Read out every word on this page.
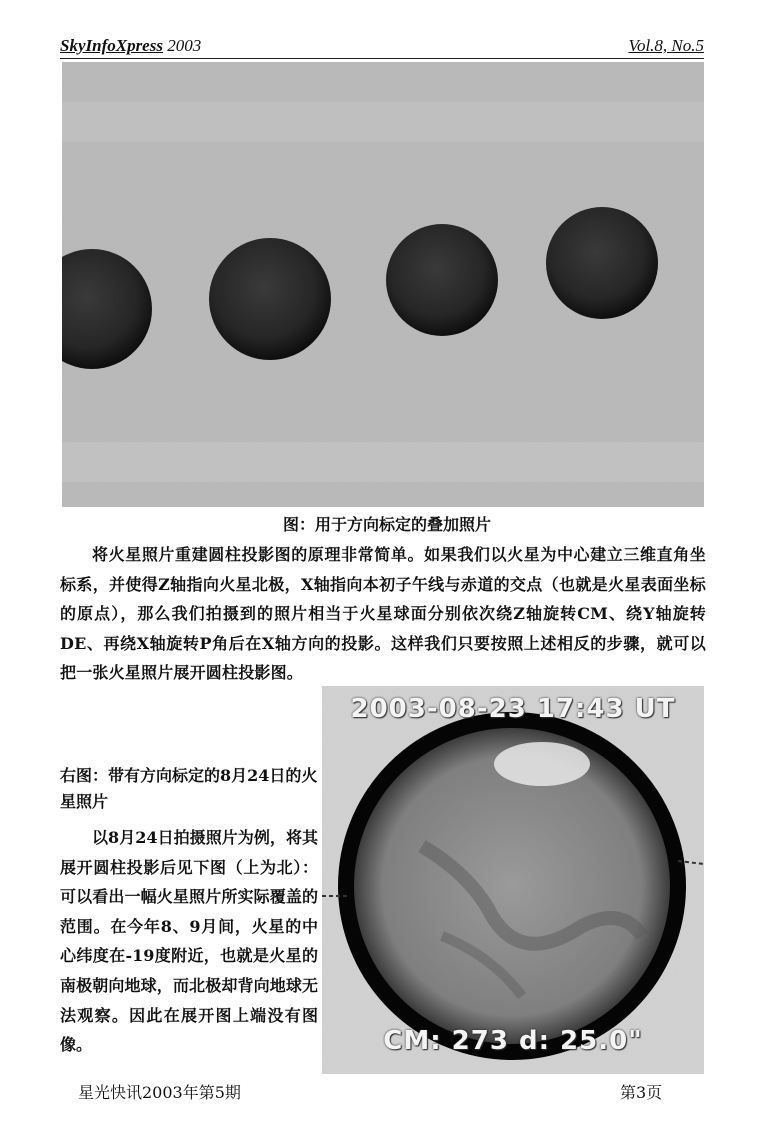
SkyInfoXpress 2003	Vol.8, No.5
图：用于方向标定的叠加照片

将火星照片重建圆柱投影图的原理非常简单。如果我们以火星为中心建立三维直角坐标系，并使得Z轴指向火星北极，X轴指向本初子午线与赤道的交点（也就是火星表面坐标的原点），那么我们拍摄到的照片相当于火星球面分别依次绕Z轴旋转CM、绕Y轴旋转DE、再绕X轴旋转P角后在X轴方向的投影。这样我们只要按照上述相反的步骤，就可以把一张火星照片展开圆柱投影图。

右图：带有方向标定的8月24日的火星照片

以8月24日拍摄照片为例，将其展开圆柱投影后见下图（上为北）：可以看出一幅火星照片所实际覆盖的范围。在今年8、9月间，火星的中心纬度在-19度附近，也就是火星的南极朝向地球，而北极却背向地球无法观察。因此在展开图上端没有图像。

2003-08-23 17:43 UT
CM: 273 d: 25.0"
星光快讯2003年第5期	第3页
